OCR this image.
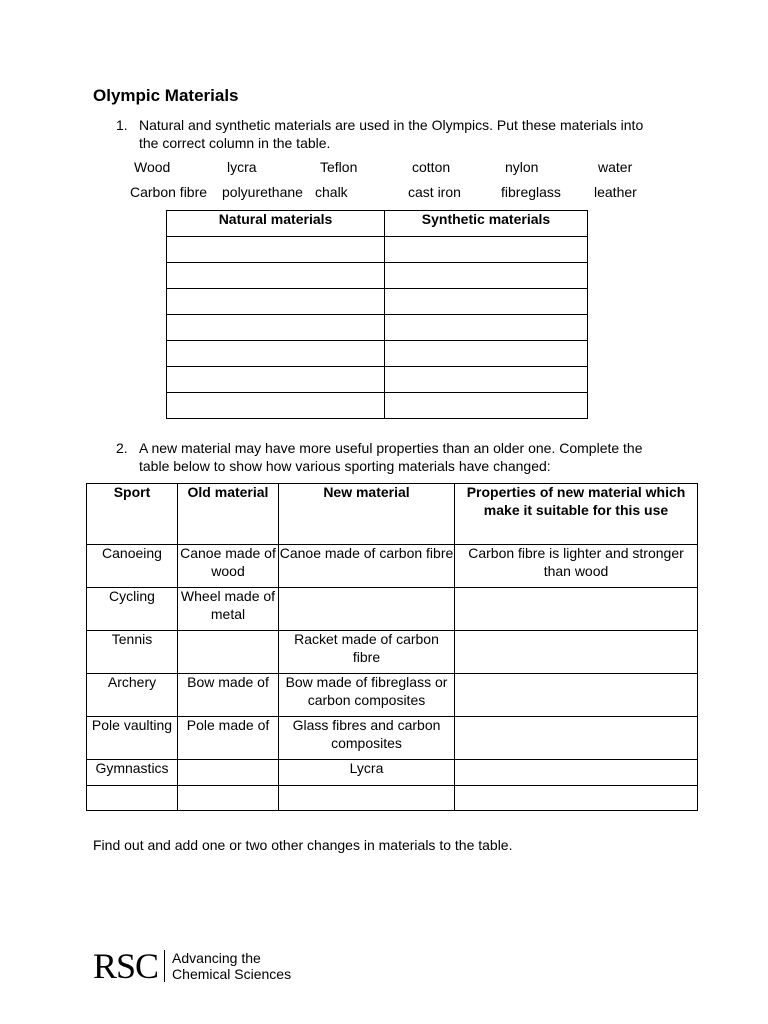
Olympic Materials
1. Natural and synthetic materials are used in the Olympics. Put these materials into
the correct column in the table.
Wood	lycra	Teflon	cotton	nylon	water
Carbon fibre polyurethane chalk	cast iron	fibreglass leather
Natural materials	Synthetic materials

2. A new material may have more useful properties than an older one. Complete the
table below to show how various sporting materials have changed:
Sport	Old material	New material	Properties of new material which make it suitable for this use
Canoeing	Canoe made of wood	Canoe made of carbon fibre	Carbon fibre is lighter and stronger than wood
Cycling	Wheel made of metal		
Tennis		Racket made of carbon fibre	
Archery	Bow made of	Bow made of fibreglass or carbon composites	
Pole vaulting	Pole made of	Glass fibres and carbon composites	
Gymnastics		Lycra	

Find out and add one or two other changes in materials to the table.
RSC Advancing the
Chemical Sciences
